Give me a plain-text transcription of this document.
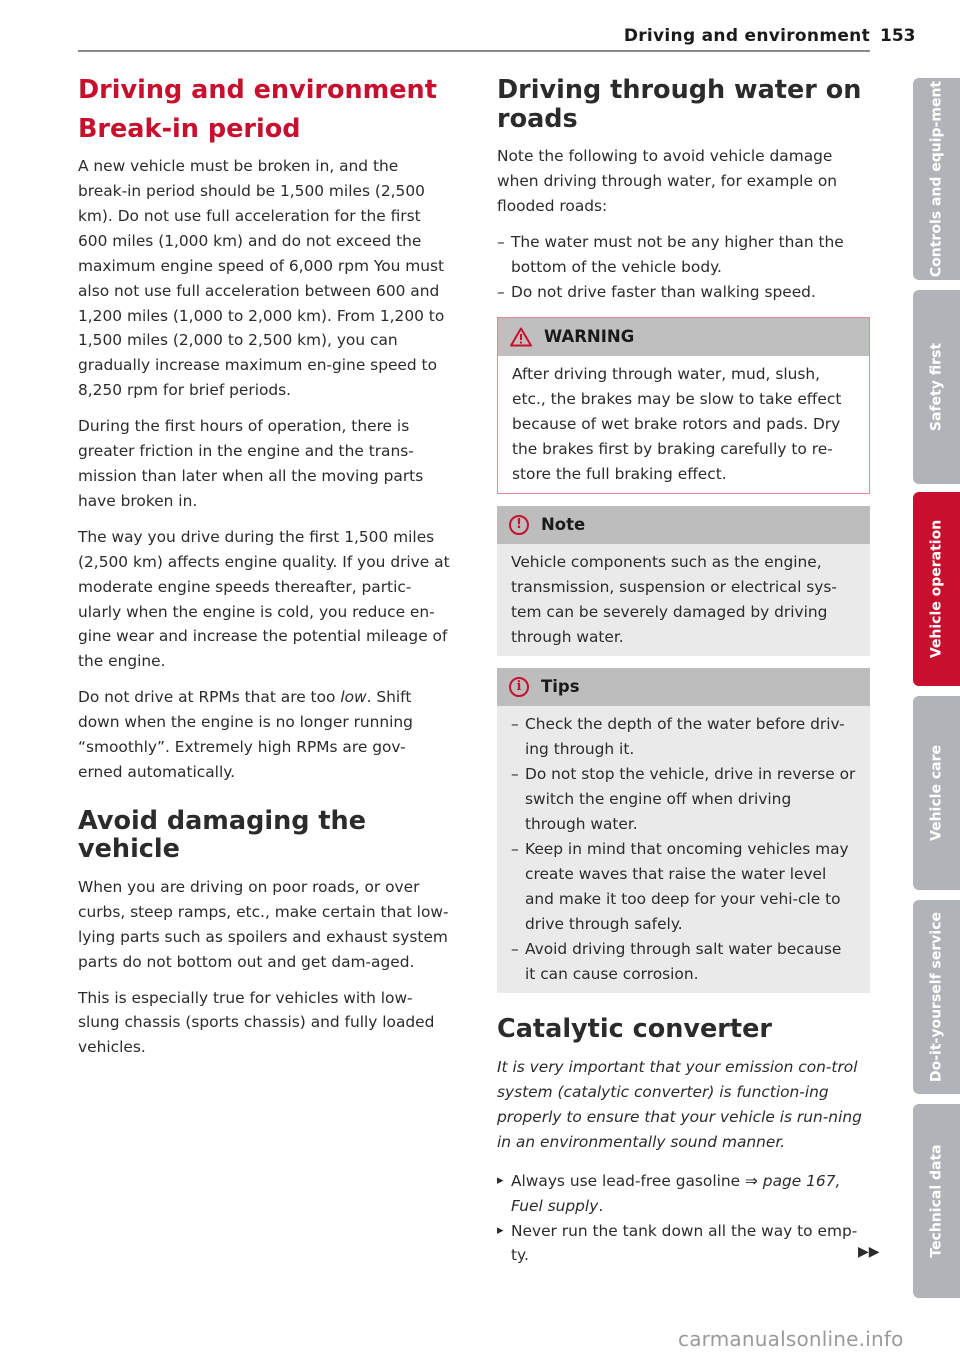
Driving and environment 153
Driving and environment
Break-in period

A new vehicle must be broken in, and the break-in period should be 1,500 miles (2,500 km). Do not use full acceleration for the first 600 miles (1,000 km) and do not exceed the maximum engine speed of 6,000 rpm You must also not use full acceleration between 600 and 1,200 miles (1,000 to 2,000 km). From 1,200 to 1,500 miles (2,000 to 2,500 km), you can gradually increase maximum en-gine speed to 8,250 rpm for brief periods.

During the first hours of operation, there is greater friction in the engine and the trans-mission than later when all the moving parts have broken in.

The way you drive during the first 1,500 miles (2,500 km) affects engine quality. If you drive at moderate engine speeds thereafter, partic-ularly when the engine is cold, you reduce en-gine wear and increase the potential mileage of the engine.

Do not drive at RPMs that are too low. Shift down when the engine is no longer running “smoothly”. Extremely high RPMs are gov-erned automatically.

Avoid damaging the vehicle

When you are driving on poor roads, or over curbs, steep ramps, etc., make certain that low-lying parts such as spoilers and exhaust system parts do not bottom out and get dam-aged.

This is especially true for vehicles with low-slung chassis (sports chassis) and fully loaded vehicles.

Driving through water on roads

Note the following to avoid vehicle damage when driving through water, for example on flooded roads:

– The water must not be any higher than the bottom of the vehicle body.
– Do not drive faster than walking speed.
WARNING

After driving through water, mud, slush, etc., the brakes may be slow to take effect because of wet brake rotors and pads. Dry the brakes first by braking carefully to re-store the full braking effect.

!	Note

Vehicle components such as the engine, transmission, suspension or electrical sys-tem can be severely damaged by driving through water.

i	Tips
– Check the depth of the water before driv-ing through it.
– Do not stop the vehicle, drive in reverse or switch the engine off when driving through water.
– Keep in mind that oncoming vehicles may create waves that raise the water level and make it too deep for your vehi-cle to drive through safely.
– Avoid driving through salt water because it can cause corrosion.
Catalytic converter

It is very important that your emission con-trol system (catalytic converter) is function-ing properly to ensure that your vehicle is run-ning in an environmentally sound manner.

▸ Always use lead-free gasoline ⇒ page 167, Fuel supply.
▸ Never run the tank down all the way to emp-ty.	▶▶
Controls and equip-ment
Safety first
Vehicle operation
Vehicle care
Do-it-yourself service
Technical data
carmanualsonline.info
